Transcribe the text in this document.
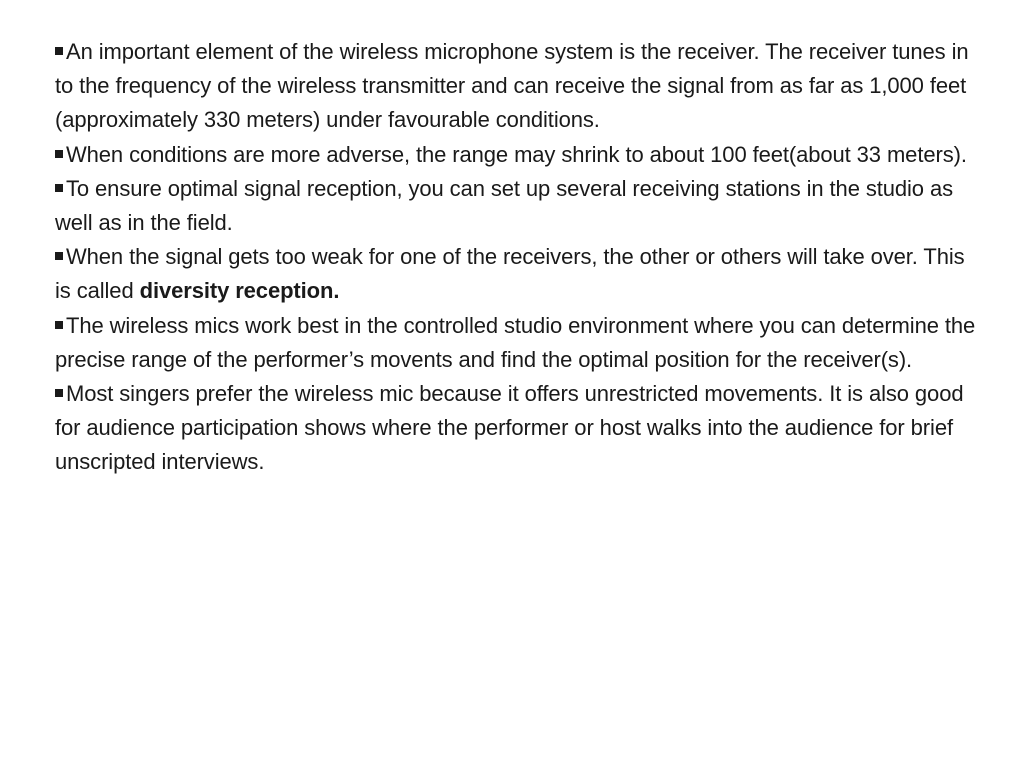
An important element of the wireless microphone system is the receiver. The receiver tunes in to the frequency of the wireless transmitter and can receive the signal from as far as 1,000 feet (approximately 330 meters) under favourable conditions.

When conditions are more adverse, the range may shrink to about 100 feet(about 33 meters).

To ensure optimal signal reception, you can set up several receiving stations in the studio as well as in the field.

When the signal gets too weak for one of the receivers, the other or others will take over. This is called diversity reception.

The wireless mics work best in the controlled studio environment where you can determine the precise range of the performer’s movents and find the optimal position for the receiver(s).

Most singers prefer the wireless mic because it offers unrestricted movements. It is also good for audience participation shows where the performer or host walks into the audience for brief unscripted interviews.
